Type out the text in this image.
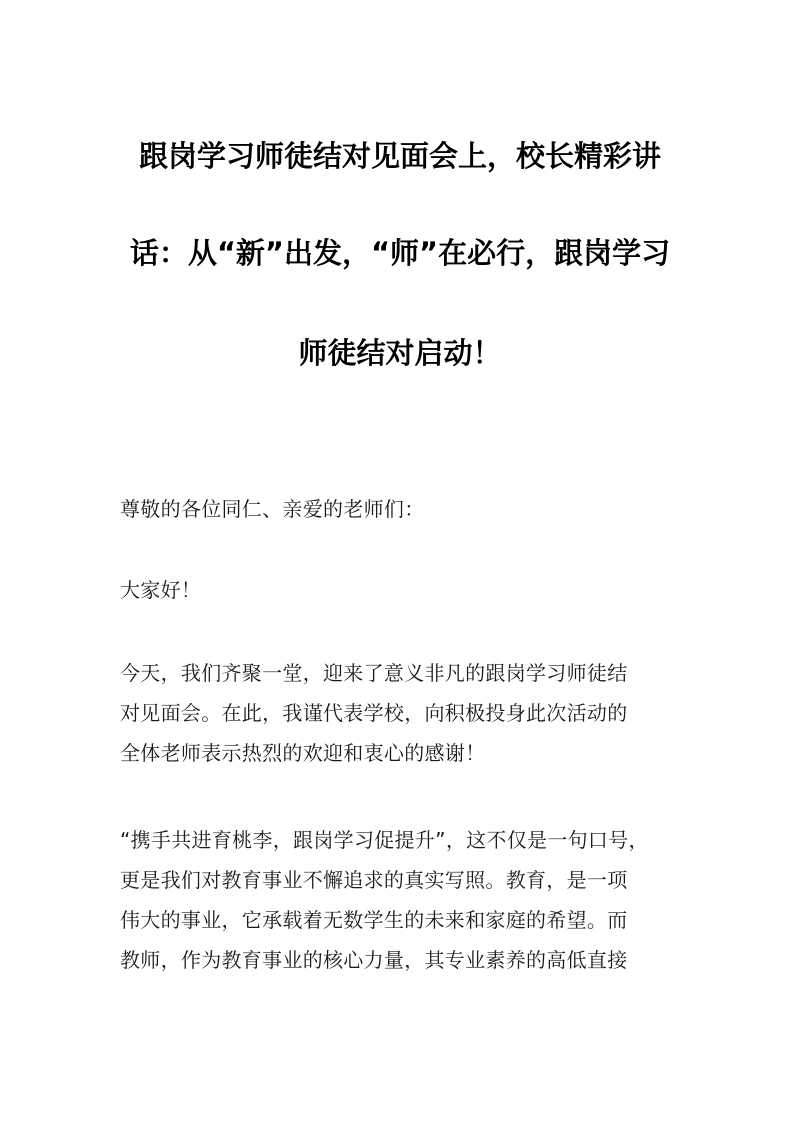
跟岗学习师徒结对见面会上，校长精彩讲
话：从“新”出发，“师”在必行，跟岗学习
师徒结对启动！
尊敬的各位同仁、亲爱的老师们：
大家好！
今天，我们齐聚一堂，迎来了意义非凡的跟岗学习师徒结
对见面会。在此，我谨代表学校，向积极投身此次活动的
全体老师表示热烈的欢迎和衷心的感谢！
“携手共进育桃李，跟岗学习促提升”，这不仅是一句口号，
更是我们对教育事业不懈追求的真实写照。教育，是一项
伟大的事业，它承载着无数学生的未来和家庭的希望。而
教师，作为教育事业的核心力量，其专业素养的高低直接
